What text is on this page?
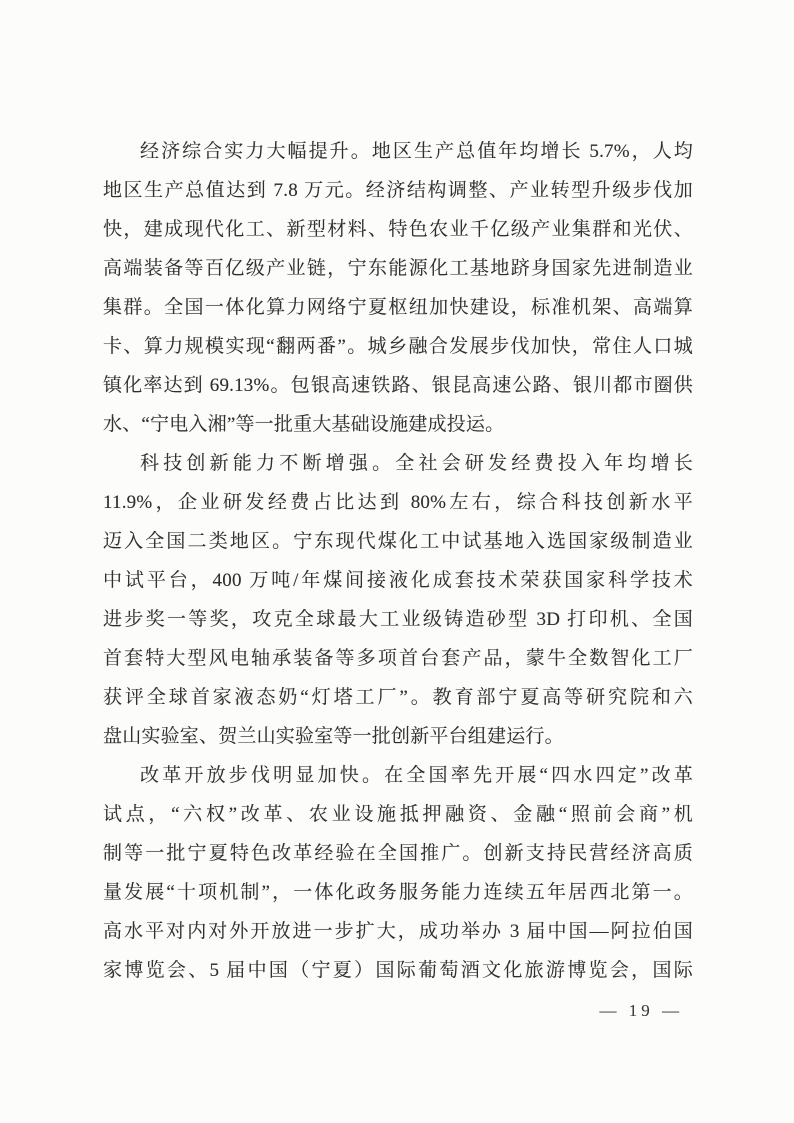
经济综合实力大幅提升。地区生产总值年均增长 5.7%，人均
地区生产总值达到 7.8 万元。经济结构调整、产业转型升级步伐加
快，建成现代化工、新型材料、特色农业千亿级产业集群和光伏、
高端装备等百亿级产业链，宁东能源化工基地跻身国家先进制造业
集群。全国一体化算力网络宁夏枢纽加快建设，标准机架、高端算
卡、算力规模实现“翻两番”。城乡融合发展步伐加快，常住人口城
镇化率达到 69.13%。包银高速铁路、银昆高速公路、银川都市圈供
水、“宁电入湘”等一批重大基础设施建成投运。
科技创新能力不断增强。全社会研发经费投入年均增长
11.9%，企业研发经费占比达到 80%左右，综合科技创新水平
迈入全国二类地区。宁东现代煤化工中试基地入选国家级制造业
中试平台，400 万吨/年煤间接液化成套技术荣获国家科学技术
进步奖一等奖，攻克全球最大工业级铸造砂型 3D 打印机、全国
首套特大型风电轴承装备等多项首台套产品，蒙牛全数智化工厂
获评全球首家液态奶“灯塔工厂”。教育部宁夏高等研究院和六
盘山实验室、贺兰山实验室等一批创新平台组建运行。
改革开放步伐明显加快。在全国率先开展“四水四定”改革
试点，“六权”改革、农业设施抵押融资、金融“照前会商”机
制等一批宁夏特色改革经验在全国推广。创新支持民营经济高质
量发展“十项机制”，一体化政务服务能力连续五年居西北第一。
高水平对内对外开放进一步扩大，成功举办 3 届中国—阿拉伯国
家博览会、5 届中国（宁夏）国际葡萄酒文化旅游博览会，国际
— 19 —
